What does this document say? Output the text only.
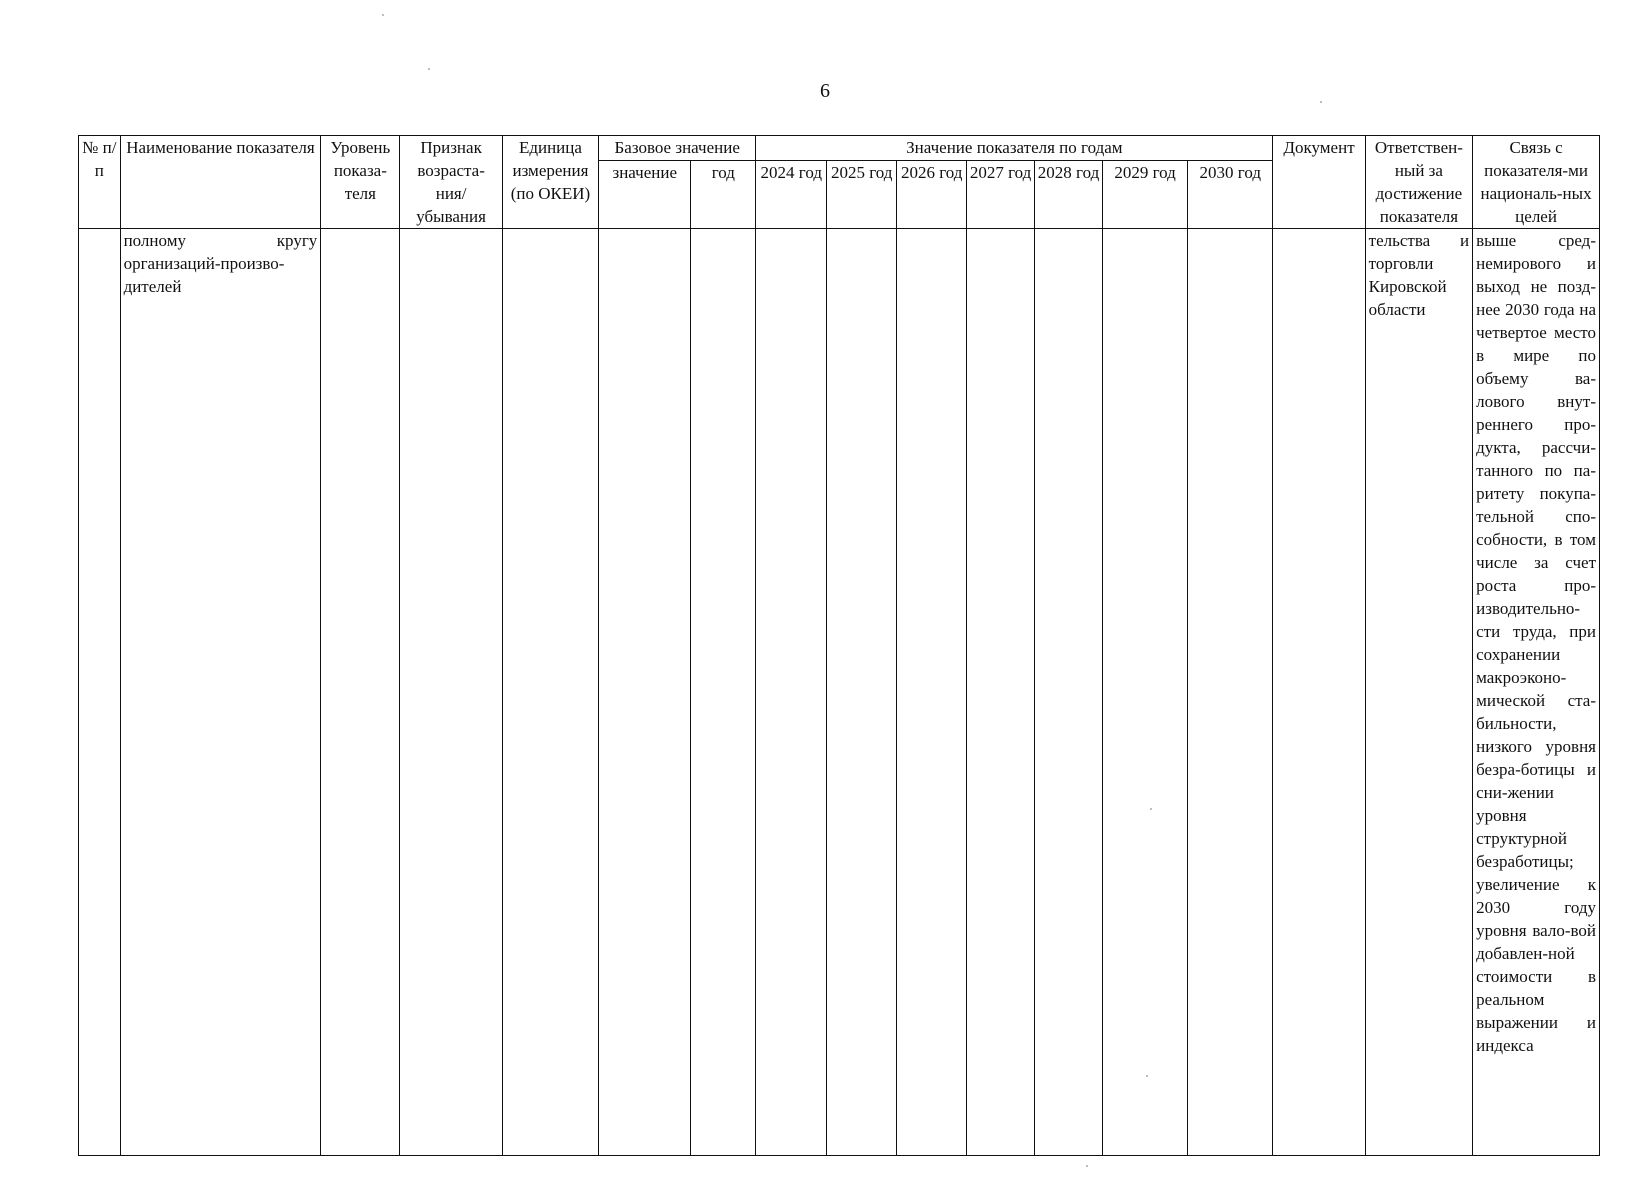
6
№ п/п	Наименование показателя	Уровень показа-теля	Признак возраста-ния/ убывания	Единица измерения (по ОКЕИ)	Базовое значение		Значение показателя по годам							Документ	Ответствен-ный за достижение показателя	Связь с показателя-ми националь-ных целей
					значение	год	2024 год	2025 год	2026 год	2027 год	2028 год	2029 год	2030 год			
	полному кругу организаций-произво-дителей														тельства и торговли Кировской области	выше сред-немирового и выход не позд-нее 2030 года на четвертое место в мире по объему ва-лового внут-реннего про-дукта, рассчи-танного по па-ритету покупа-тельной спо-собности, в том числе за счет роста про-изводительно-сти труда, при сохранении макроэконо-мической ста-бильности, низкого уровня безра-ботицы и сни-жении уровня структурной безработицы; увеличение к 2030 году уровня вало-вой добавлен-ной стоимости в реальном выражении и индекса
